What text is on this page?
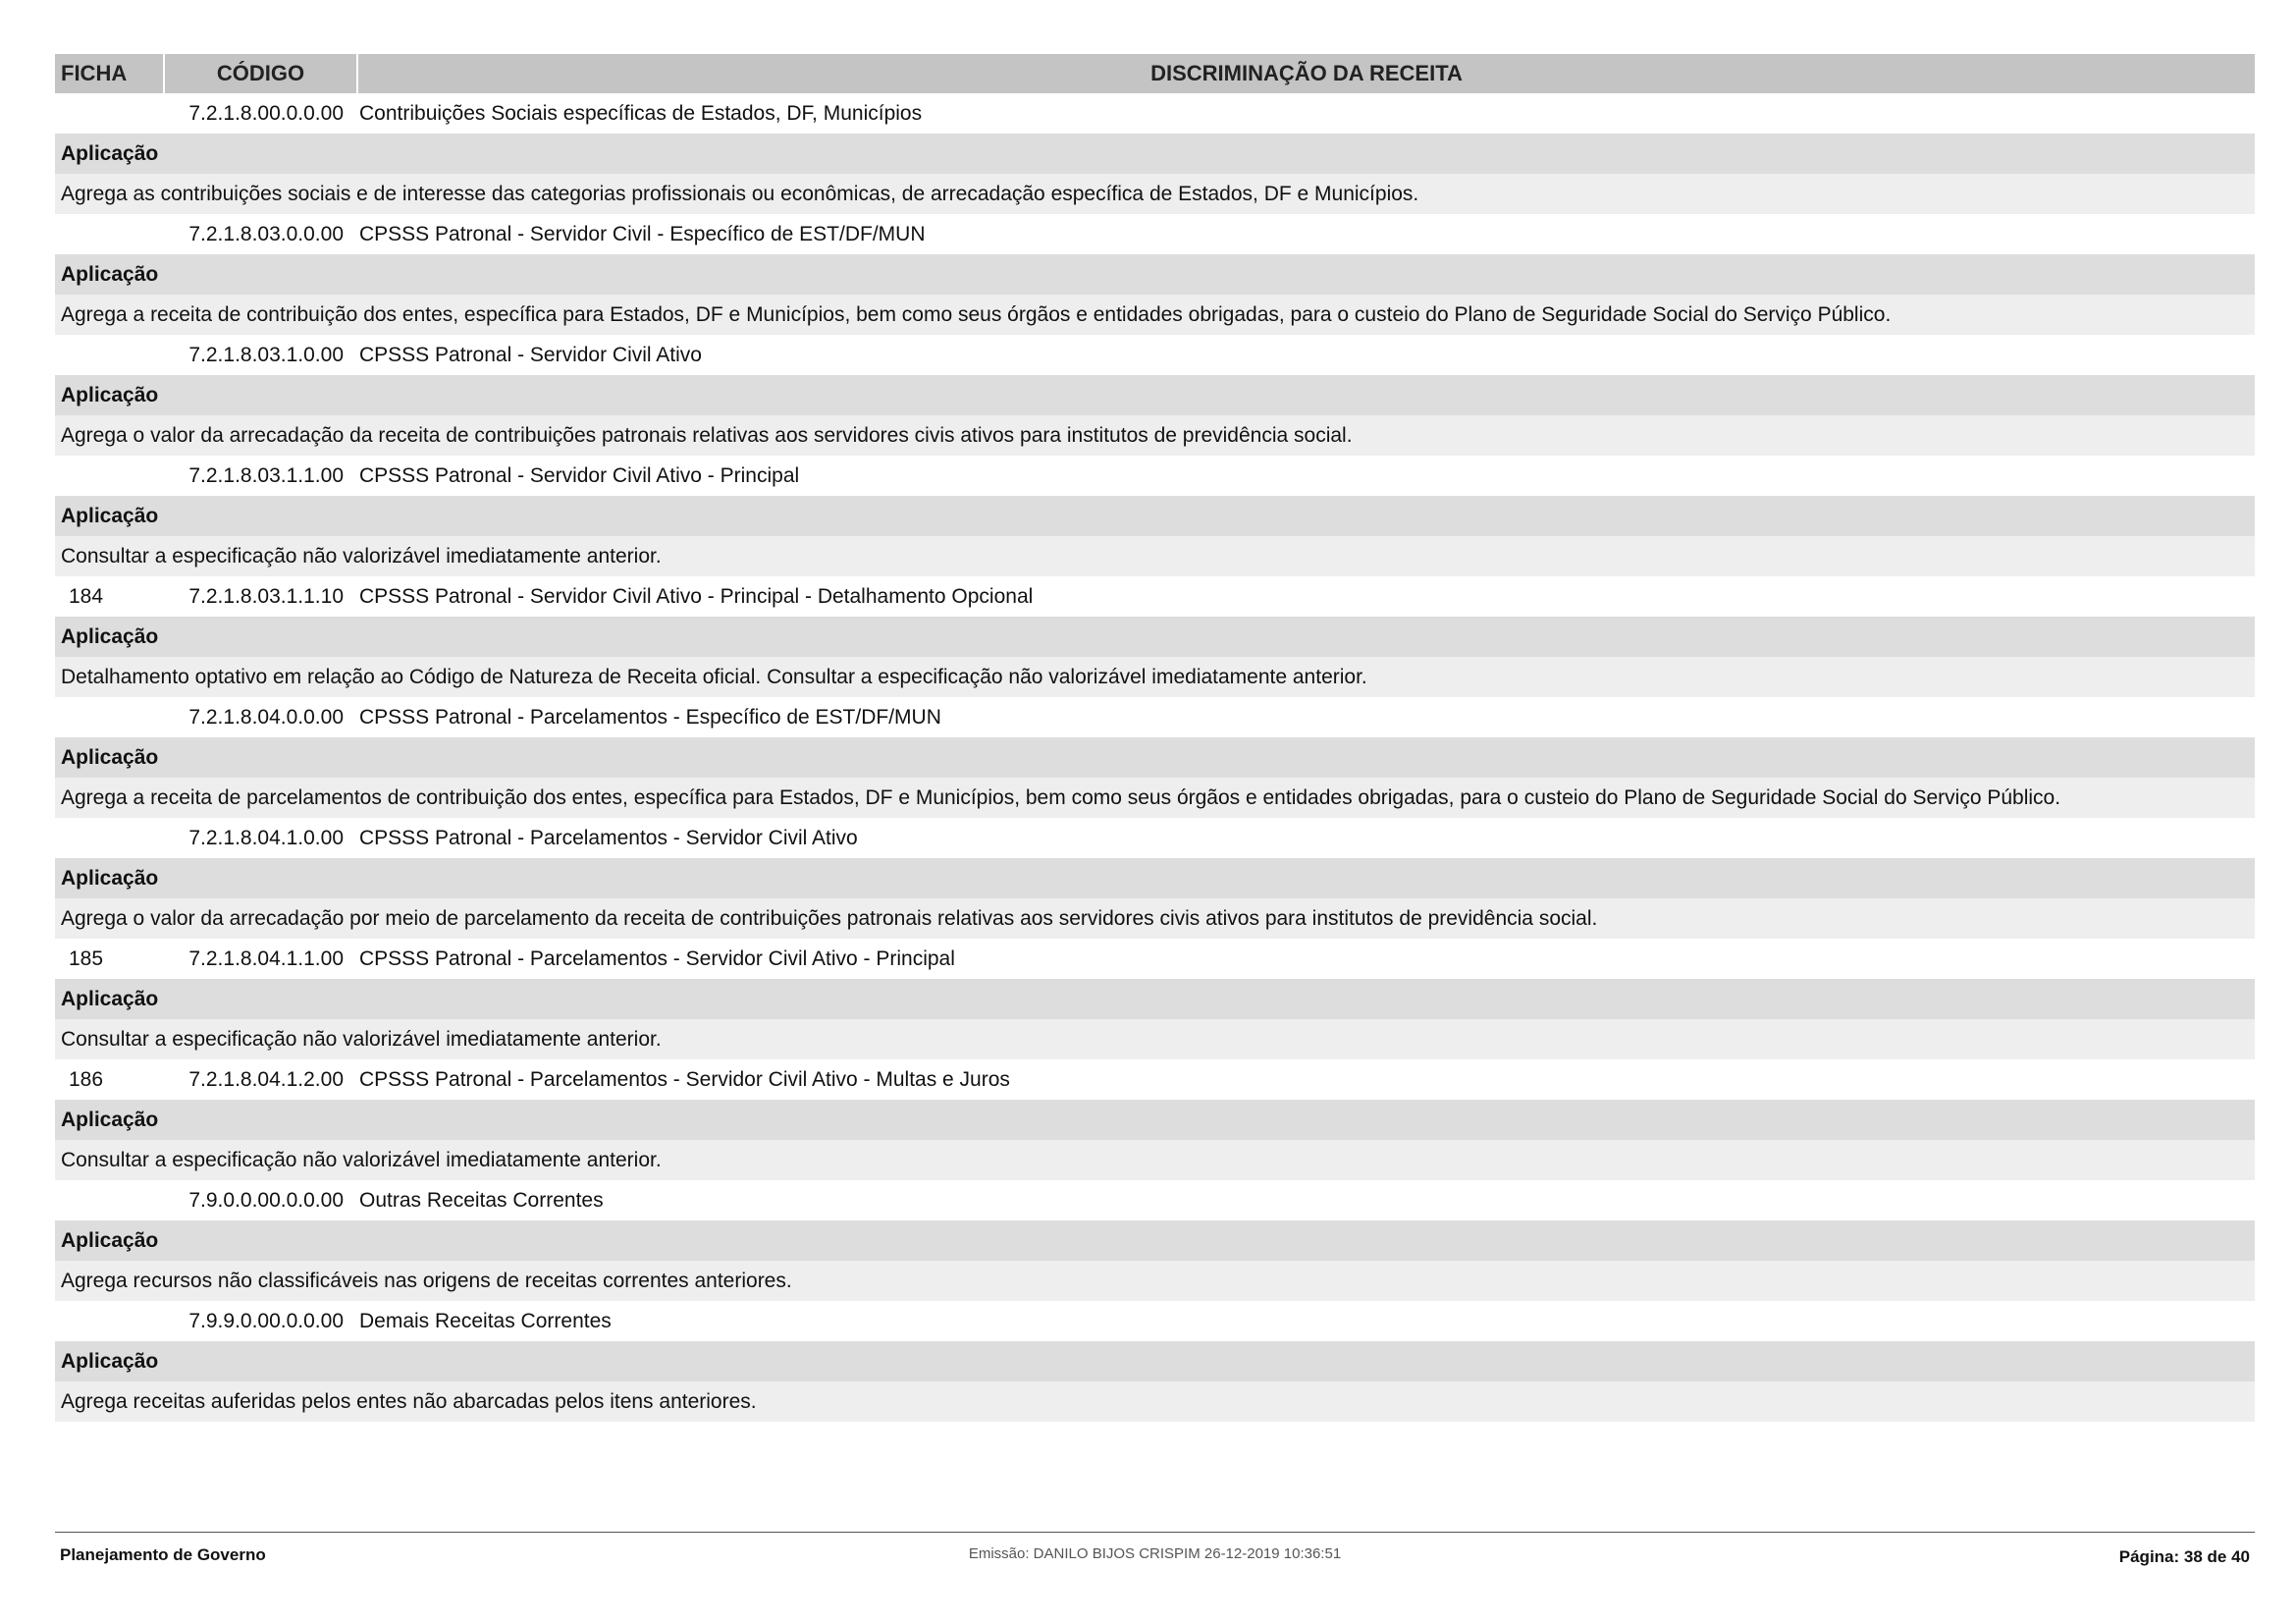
FICHA	CÓDIGO	DISCRIMINAÇÃO DA RECEITA
7.2.1.8.00.0.0.00 Contribuições Sociais específicas de Estados, DF, Municípios
Aplicação
Agrega as contribuições sociais e de interesse das categorias profissionais ou econômicas, de arrecadação específica de Estados, DF e Municípios.
7.2.1.8.03.0.0.00 CPSSS Patronal - Servidor Civil - Específico de EST/DF/MUN
Aplicação
Agrega a receita de contribuição dos entes, específica para Estados, DF e Municípios, bem como seus órgãos e entidades obrigadas, para o custeio do Plano de Seguridade Social do Serviço Público.
7.2.1.8.03.1.0.00 CPSSS Patronal - Servidor Civil Ativo
Aplicação
Agrega o valor da arrecadação da receita de contribuições patronais relativas aos servidores civis ativos para institutos de previdência social.
7.2.1.8.03.1.1.00 CPSSS Patronal - Servidor Civil Ativo - Principal
Aplicação
Consultar a especificação não valorizável imediatamente anterior.
184	7.2.1.8.03.1.1.10 CPSSS Patronal - Servidor Civil Ativo - Principal - Detalhamento Opcional
Aplicação
Detalhamento optativo em relação ao Código de Natureza de Receita oficial. Consultar a especificação não valorizável imediatamente anterior.
7.2.1.8.04.0.0.00 CPSSS Patronal - Parcelamentos - Específico de EST/DF/MUN
Aplicação
Agrega a receita de parcelamentos de contribuição dos entes, específica para Estados, DF e Municípios, bem como seus órgãos e entidades obrigadas, para o custeio do Plano de Seguridade Social do Serviço Público.
7.2.1.8.04.1.0.00 CPSSS Patronal - Parcelamentos - Servidor Civil Ativo
Aplicação
Agrega o valor da arrecadação por meio de parcelamento da receita de contribuições patronais relativas aos servidores civis ativos para institutos de previdência social.
185	7.2.1.8.04.1.1.00 CPSSS Patronal - Parcelamentos - Servidor Civil Ativo - Principal
Aplicação
Consultar a especificação não valorizável imediatamente anterior.
186	7.2.1.8.04.1.2.00 CPSSS Patronal - Parcelamentos - Servidor Civil Ativo - Multas e Juros
Aplicação
Consultar a especificação não valorizável imediatamente anterior.
7.9.0.0.00.0.0.00 Outras Receitas Correntes
Aplicação
Agrega recursos não classificáveis nas origens de receitas correntes anteriores.
7.9.9.0.00.0.0.00 Demais Receitas Correntes
Aplicação
Agrega receitas auferidas pelos entes não abarcadas pelos itens anteriores.
Planejamento de Governo	Emissão: DANILO BIJOS CRISPIM 26-12-2019 10:36:51	Página: 38 de 40
